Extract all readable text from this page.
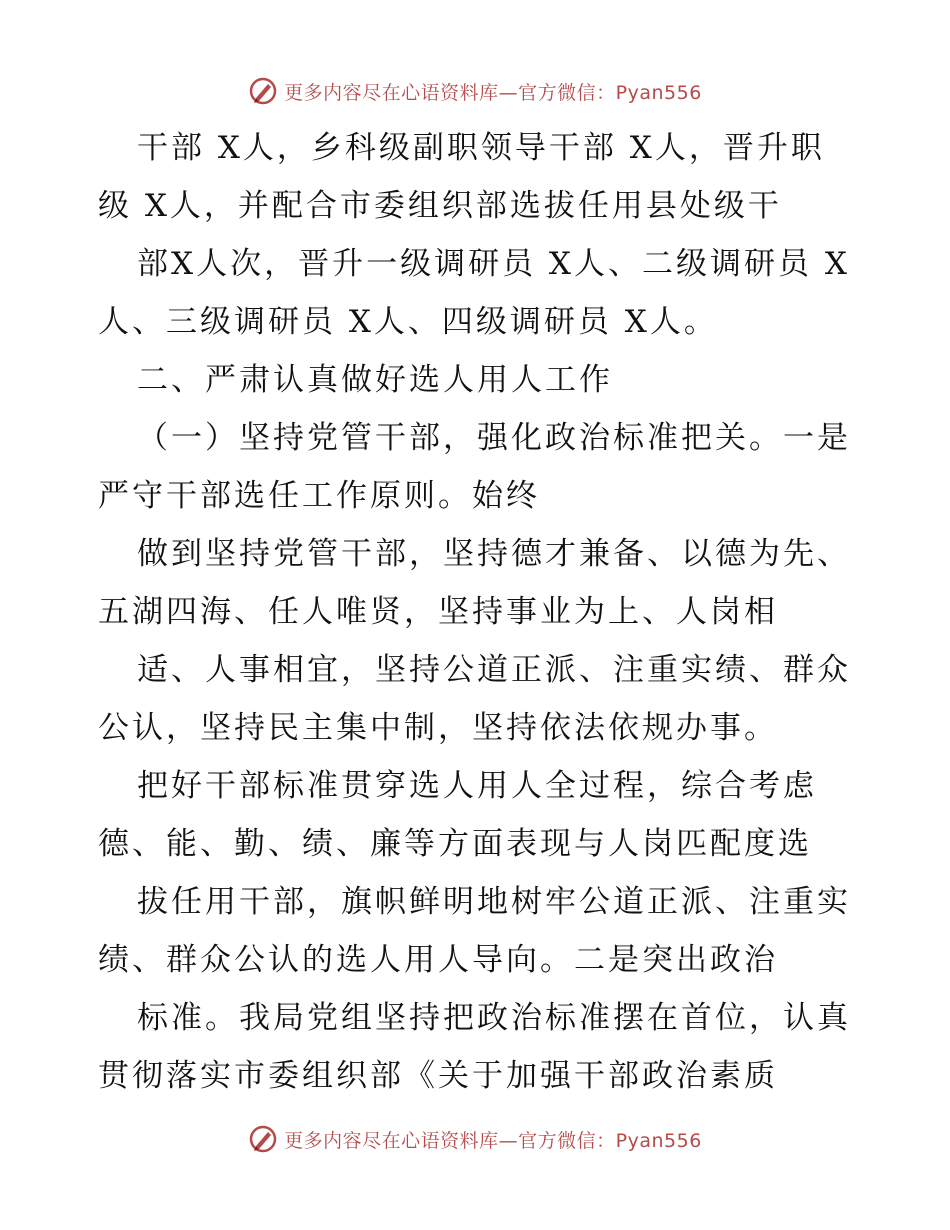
更多内容尽在心语资料库—官方微信：Pyan556
干部 X人，乡科级副职领导干部 X人，晋升职
级 X人，并配合市委组织部选拔任用县处级干
部X人次，晋升一级调研员 X人、二级调研员 X
人、三级调研员 X人、四级调研员 X人。
二、严肃认真做好选人用人工作
（一）坚持党管干部，强化政治标准把关。一是
严守干部选任工作原则。始终
做到坚持党管干部，坚持德才兼备、以德为先、
五湖四海、任人唯贤，坚持事业为上、人岗相
适、人事相宜，坚持公道正派、注重实绩、群众
公认，坚持民主集中制，坚持依法依规办事。
把好干部标准贯穿选人用人全过程，综合考虑
德、能、勤、绩、廉等方面表现与人岗匹配度选
拔任用干部，旗帜鲜明地树牢公道正派、注重实
绩、群众公认的选人用人导向。二是突出政治
标准。我局党组坚持把政治标准摆在首位，认真
贯彻落实市委组织部《关于加强干部政治素质
更多内容尽在心语资料库—官方微信：Pyan556
